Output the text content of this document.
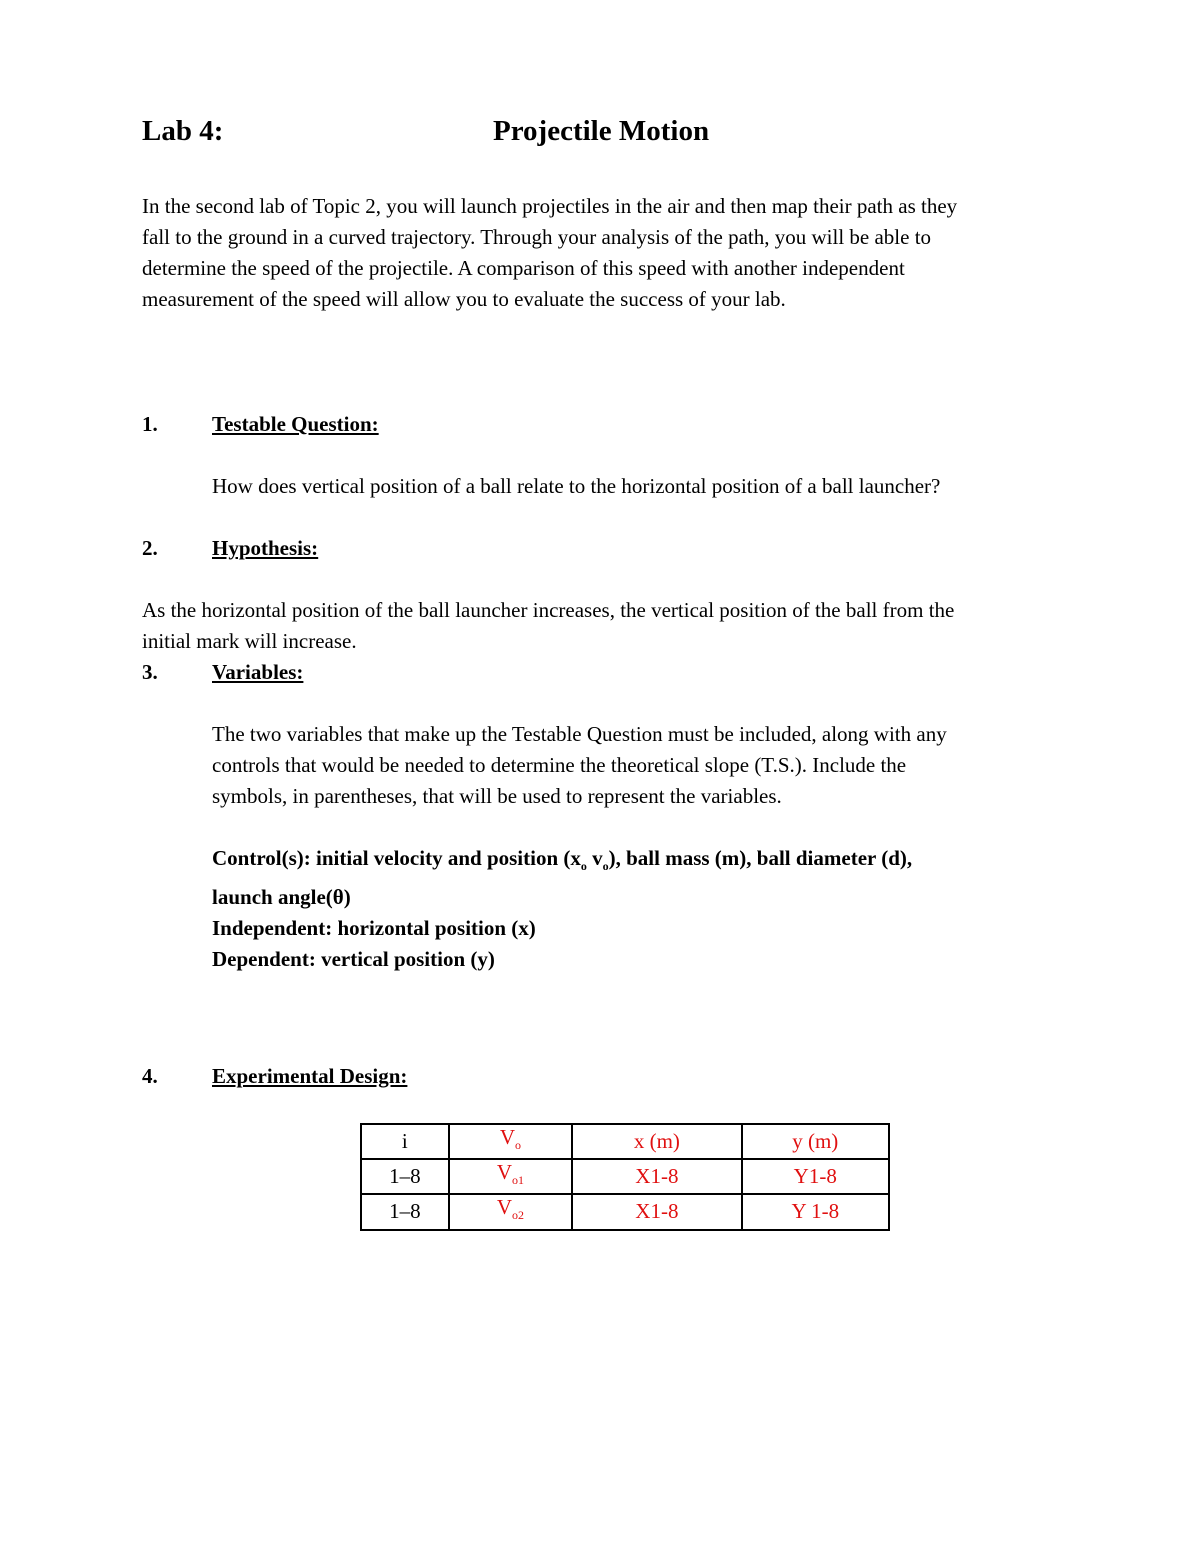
Lab 4:	Projectile Motion
In the second lab of Topic 2, you will launch projectiles in the air and then map their path as they
fall to the ground in a curved trajectory. Through your analysis of the path, you will be able to
determine the speed of the projectile. A comparison of this speed with another independent
measurement of the speed will allow you to evaluate the success of your lab.
1.	Testable Question:
How does vertical position of a ball relate to the horizontal position of a ball launcher?
2.	Hypothesis:
As the horizontal position of the ball launcher increases, the vertical position of the ball from the
initial mark will increase.
3.	Variables:
The two variables that make up the Testable Question must be included, along with any
controls that would be needed to determine the theoretical slope (T.S.). Include the
symbols, in parentheses, that will be used to represent the variables.
Control(s): initial velocity and position ($x_o$ $v_o$), ball mass (m), ball diameter (d),
launch angle(θ)
Independent: horizontal position (x)
Dependent: vertical position (y)
4.	Experimental Design:
i	$V_o$	x (m)	y (m)
1–8	$V_{o1}$	X1-8	Y1-8
1–8	$V_{o2}$	X1-8	Y 1-8
